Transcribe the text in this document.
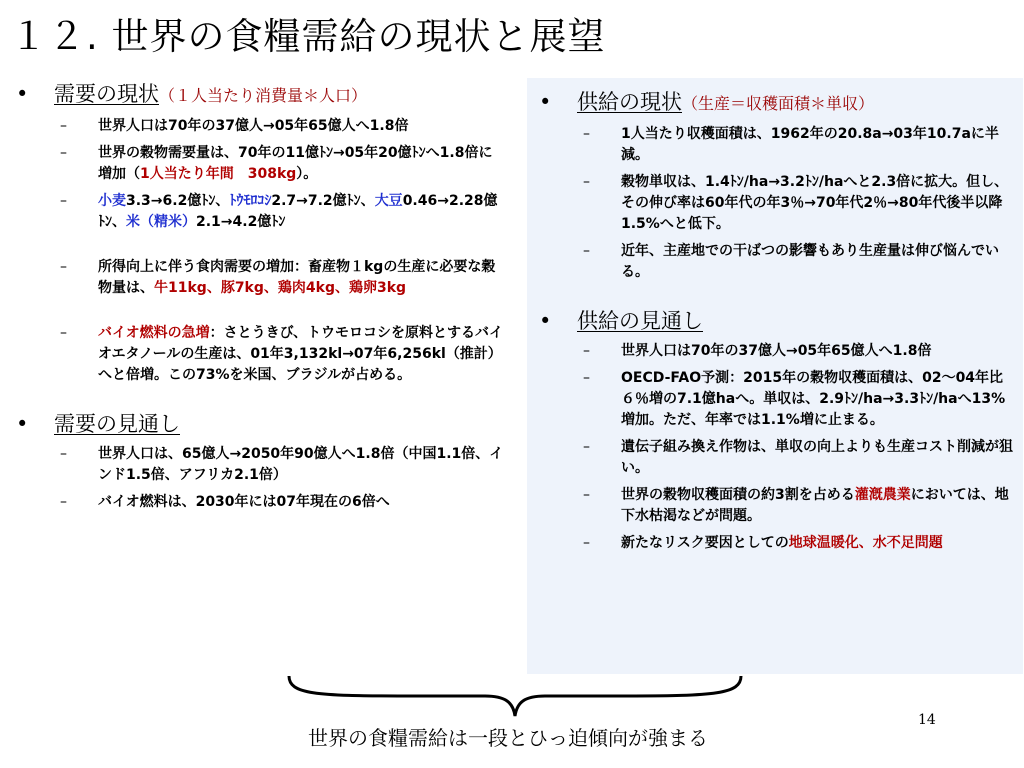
１２. 世界の食糧需給の現状と展望
• 需要の現状（１人当たり消費量＊人口）
– 世界人口は70年の37億人→05年65億人へ1.8倍
– 世界の穀物需要量は、70年の11億ﾄﾝ→05年20億ﾄﾝへ1.8倍に増加（1人当たり年間　308kg）。
– 小麦3.3→6.2億ﾄﾝ、ﾄｳﾓﾛｺｼ2.7→7.2億ﾄﾝ、大豆0.46→2.28億ﾄﾝ、米（精米）2.1→4.2億ﾄﾝ
– 所得向上に伴う食肉需要の増加：畜産物１kgの生産に必要な穀物量は、牛11kg、豚7kg、鶏肉4kg、鶏卵3kg
– バイオ燃料の急増：さとうきび、トウモロコシを原料とするバイオエタノールの生産は、01年3,132kl→07年6,256kl（推計）へと倍増。この73%を米国、ブラジルが占める。
• 需要の見通し
– 世界人口は、65億人→2050年90億人へ1.8倍（中国1.1倍、インド1.5倍、アフリカ2.1倍）
– バイオ燃料は、2030年には07年現在の6倍へ
• 供給の現状（生産＝収穫面積＊単収）
– 1人当たり収穫面積は、1962年の20.8a→03年10.7aに半減。
– 穀物単収は、1.4ﾄﾝ/ha→3.2ﾄﾝ/haへと2.3倍に拡大。但し、その伸び率は60年代の年3％→70年代2％→80年代後半以降1.5%へと低下。
– 近年、主産地での干ばつの影響もあり生産量は伸び悩んでいる。
• 供給の見通し
– 世界人口は70年の37億人→05年65億人へ1.8倍
– OECD-FAO予測：2015年の穀物収穫面積は、02～04年比６％増の7.1億haへ。単収は、2.9ﾄﾝ/ha→3.3ﾄﾝ/haへ13%増加。ただ、年率では1.1%増に止まる。
– 遺伝子組み換え作物は、単収の向上よりも生産コスト削減が狙い。
– 世界の穀物収穫面積の約3割を占める灌漑農業においては、地下水枯渇などが問題。
– 新たなリスク要因としての地球温暖化、水不足問題
世界の食糧需給は一段とひっ迫傾向が強まる
14
